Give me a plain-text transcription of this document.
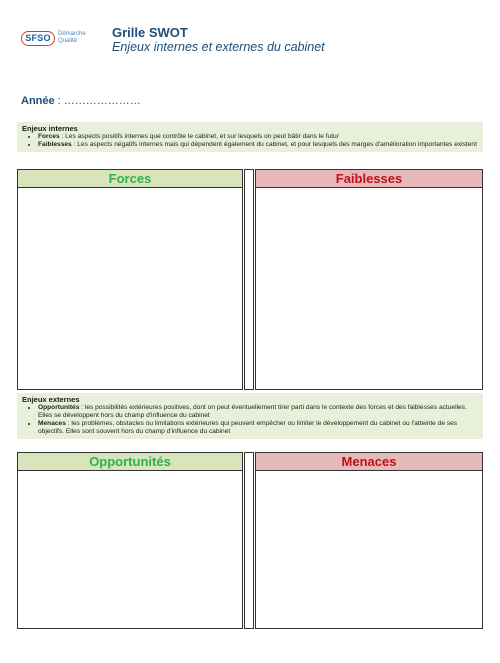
SFSO	Démarche
Qualité
Grille SWOT
Enjeux internes et externes du cabinet
Année : …………………
Enjeux internes
• Forces : Les aspects positifs internes que contrôle le cabinet, et sur lesquels on peut bâtir dans le futur
• Faiblesses : Les aspects négatifs internes mais qui dépendent également du cabinet, et pour lesquels des marges d'amélioration importantes existent
Forces	Faiblesses
Enjeux externes
• Opportunités : les possibilités extérieures positives, dont on peut éventuellement tirer parti dans le contexte des forces et des faiblesses actuelles. Elles se développent hors du champ d'influence du cabinet
• Menaces : les problèmes, obstacles ou limitations extérieures qui peuvent empêcher ou limiter le développement du cabinet ou l'atteinte de ses objectifs. Elles sont souvent hors du champ d'influence du cabinet
Opportunités	Menaces
